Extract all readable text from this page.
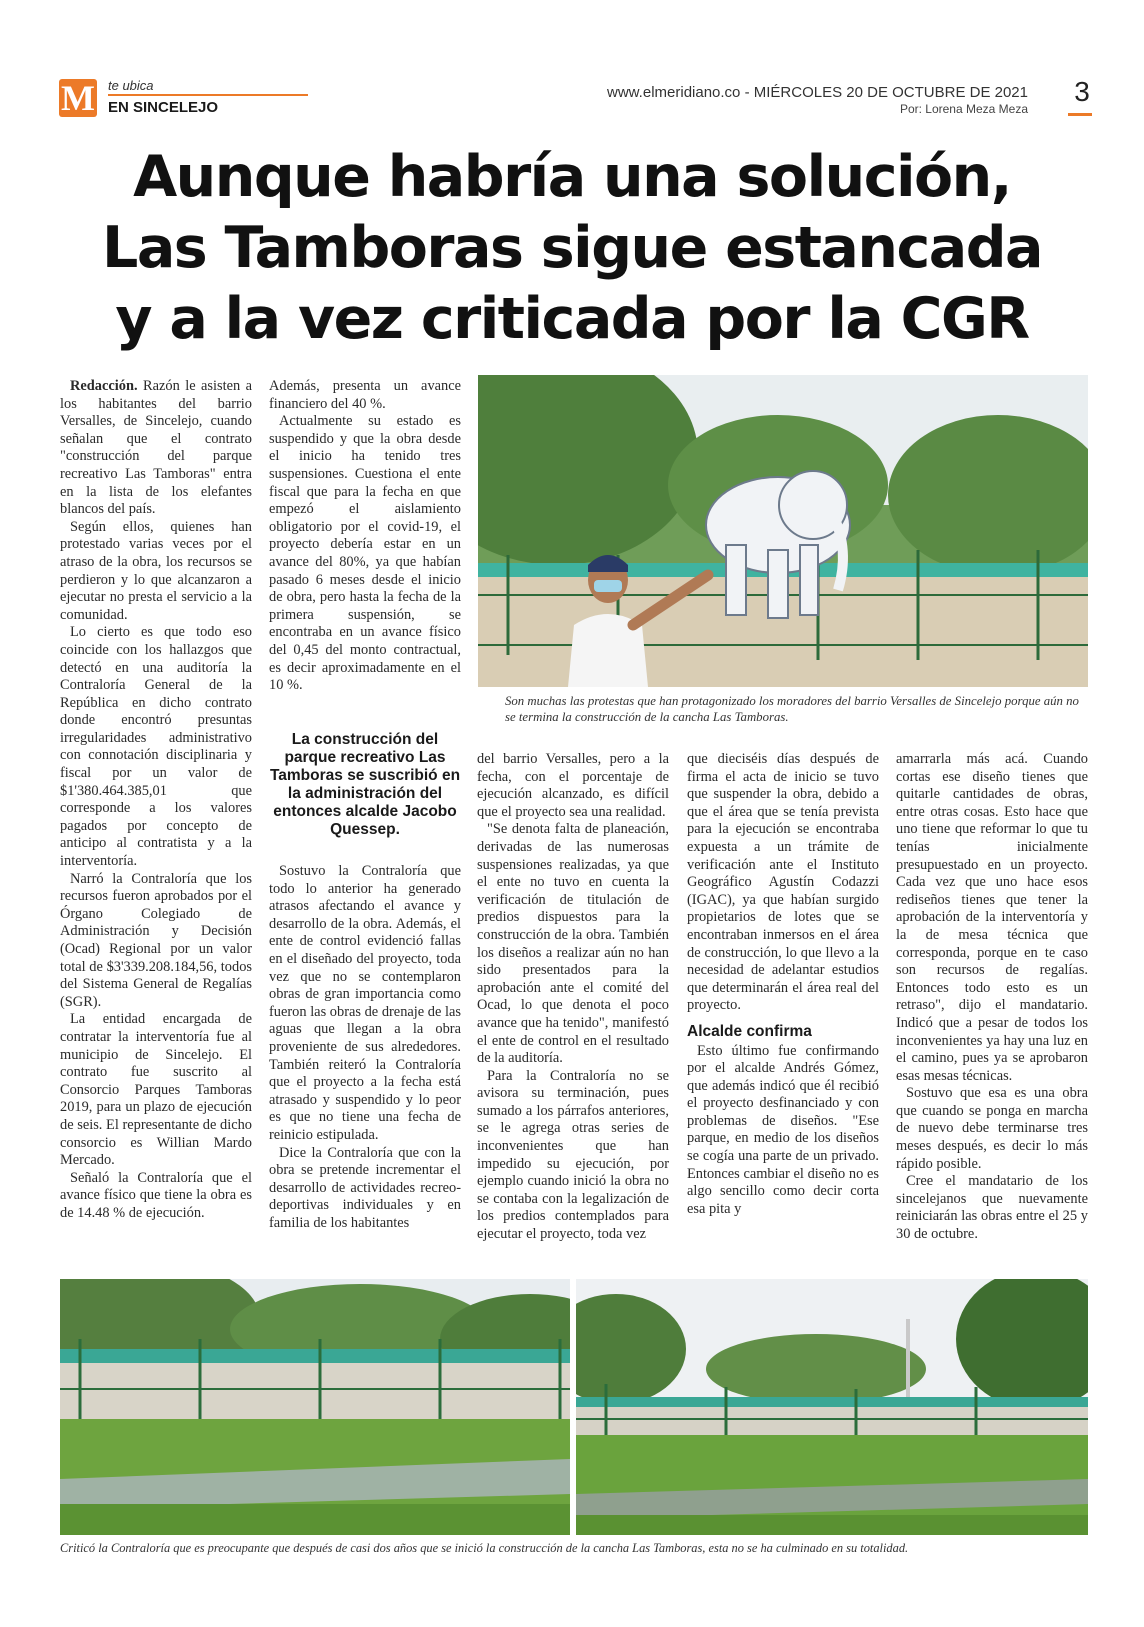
M te ubica
EN SINCELEJO
www.elmeridiano.co - MIÉRCOLES 20 DE OCTUBRE DE 2021
Por: Lorena Meza Meza
3
Aunque habría una solución,
Las Tamboras sigue estancada
y a la vez criticada por la CGR

Redacción. Razón le asisten a los habitantes del barrio Versalles, de Sincelejo, cuando señalan que el contrato "construcción del parque recreativo Las Tamboras" entra en la lista de los elefantes blancos del país.

Según ellos, quienes han protestado varias veces por el atraso de la obra, los recursos se perdieron y lo que alcanzaron a ejecutar no presta el servicio a la comunidad.

Lo cierto es que todo eso coincide con los hallazgos que detectó en una auditoría la Contraloría General de la República en dicho contrato donde encontró presuntas irregularidades administrativo con connotación disciplinaria y fiscal por un valor de $1'380.464.385,01 que corresponde a los valores pagados por concepto de anticipo al contratista y a la interventoría.

Narró la Contraloría que los recursos fueron aprobados por el Órgano Colegiado de Administración y Decisión (Ocad) Regional por un valor total de $3'339.208.184,56, todos del Sistema General de Regalías (SGR).

La entidad encargada de contratar la interventoría fue al municipio de Sincelejo. El contrato fue suscrito al Consorcio Parques Tamboras 2019, para un plazo de ejecución de seis. El representante de dicho consorcio es Willian Mardo Mercado.

Señaló la Contraloría que el avance físico que tiene la obra es de 14.48 % de ejecución.

Además, presenta un avance financiero del 40 %.

Actualmente su estado es suspendido y que la obra desde el inicio ha tenido tres suspensiones. Cuestiona el ente fiscal que para la fecha en que empezó el aislamiento obligatorio por el covid-19, el proyecto debería estar en un avance del 80%, ya que habían pasado 6 meses desde el inicio de obra, pero hasta la fecha de la primera suspensión, se encontraba en un avance físico del 0,45 del monto contractual, es decir aproximadamente en el 10 %.

La construcción del parque recreativo Las Tamboras se suscribió en la administración del entonces alcalde Jacobo Quessep.

Sostuvo la Contraloría que todo lo anterior ha generado atrasos afectando el avance y desarrollo de la obra. Además, el ente de control evidenció fallas en el diseñado del proyecto, toda vez que no se contemplaron obras de gran importancia como fueron las obras de drenaje de las aguas que llegan a la obra proveniente de sus alrededores. También reiteró la Contraloría que el proyecto a la fecha está atrasado y suspendido y lo peor es que no tiene una fecha de reinicio estipulada.

Dice la Contraloría que con la obra se pretende incrementar el desarrollo de actividades recreo-deportivas individuales y en familia de los habitantes

del barrio Versalles, pero a la fecha, con el porcentaje de ejecución alcanzado, es difícil que el proyecto sea una realidad.

"Se denota falta de planeación, derivadas de las numerosas suspensiones realizadas, ya que el ente no tuvo en cuenta la verificación de titulación de predios dispuestos para la construcción de la obra. También los diseños a realizar aún no han sido presentados para la aprobación ante el comité del Ocad, lo que denota el poco avance que ha tenido", manifestó el ente de control en el resultado de la auditoría.

Para la Contraloría no se avisora su terminación, pues sumado a los párrafos anteriores, se le agrega otras series de inconvenientes que han impedido su ejecución, por ejemplo cuando inició la obra no se contaba con la legalización de los predios contemplados para ejecutar el proyecto, toda vez

que dieciséis días después de firma el acta de inicio se tuvo que suspender la obra, debido a que el área que se tenía prevista para la ejecución se encontraba expuesta a un trámite de verificación ante el Instituto Geográfico Agustín Codazzi (IGAC), ya que habían surgido propietarios de lotes que se encontraban inmersos en el área de construcción, lo que llevo a la necesidad de adelantar estudios que determinarán el área real del proyecto.

Alcalde confirma

Esto último fue confirmando por el alcalde Andrés Gómez, que además indicó que él recibió el proyecto desfinanciado y con problemas de diseños. "Ese parque, en medio de los diseños se cogía una parte de un privado. Entonces cambiar el diseño no es algo sencillo como decir corta esa pita y

amarrarla más acá. Cuando cortas ese diseño tienes que quitarle cantidades de obras, entre otras cosas. Esto hace que uno tiene que reformar lo que tu tenías inicialmente presupuestado en un proyecto. Cada vez que uno hace esos rediseños tienes que tener la aprobación de la interventoría y la de mesa técnica que corresponda, porque en te caso son recursos de regalías. Entonces todo esto es un retraso", dijo el mandatario. Indicó que a pesar de todos los inconvenientes ya hay una luz en el camino, pues ya se aprobaron esas mesas técnicas.

Sostuvo que esa es una obra que cuando se ponga en marcha de nuevo debe terminarse tres meses después, es decir lo más rápido posible.

Cree el mandatario de los sincelejanos que nuevamente reiniciarán las obras entre el 25 y 30 de octubre.

Son muchas las protestas que han protagonizado los moradores del barrio Versalles de Sincelejo porque aún no se termina la construcción de la cancha Las Tamboras.
Criticó la Contraloría que es preocupante que después de casi dos años que se inició la construcción de la cancha Las Tamboras, esta no se ha culminado en su totalidad.
